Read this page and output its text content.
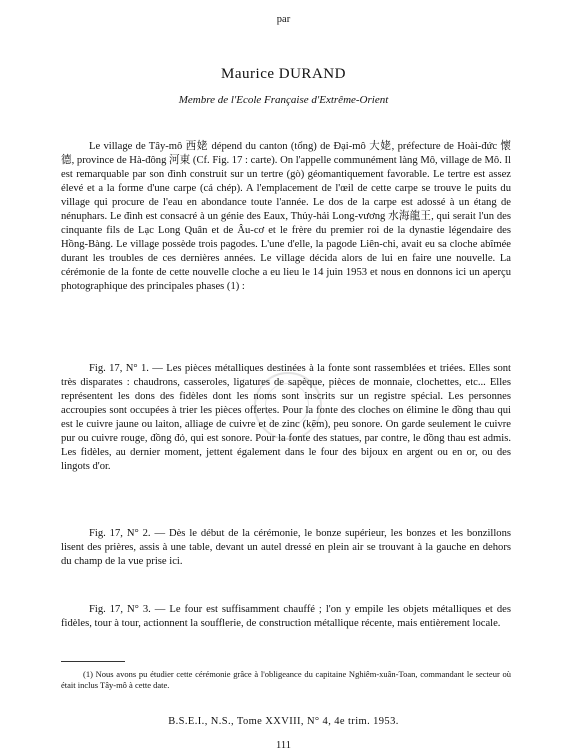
par
Maurice DURAND
Membre de l'Ecole Française d'Extrême-Orient
Le village de Tây-mô 西姥 dépend du canton (tổng) de Đại-mô 大姥, préfecture de Hoài-đức 懷德, province de Hà-đông 河東 (Cf. Fig. 17 : carte). On l'appelle communément làng Mô, village de Mô. Il est remarquable par son đình construit sur un tertre (gò) géomantiquement favorable. Le tertre est assez élevé et a la forme d'une carpe (cá chép). A l'emplacement de l'œil de cette carpe se trouve le puits du village qui procure de l'eau en abondance toute l'année. Le dos de la carpe est adossé à un étang de nénuphars. Le đình est consacré à un génie des Eaux, Thủy-hải Long-vương 水海龍王, qui serait l'un des cinquante fils de Lạc Long Quân et de Âu-cơ et le frère du premier roi de la dynastie légendaire des Hồng-Bàng. Le village possède trois pagodes. L'une d'elle, la pagode Liên-chi, avait eu sa cloche abîmée durant les troubles de ces dernières années. Le village décida alors de lui en faire une nouvelle. La cérémonie de la fonte de cette nouvelle cloche a eu lieu le 14 juin 1953 et nous en donnons ici un aperçu photographique des principales phases (1) :
Fig. 17, N° 1. — Les pièces métalliques destinées à la fonte sont rassemblées et triées. Elles sont très disparates : chaudrons, casseroles, ligatures de sapèque, pièces de monnaie, clochettes, etc... Elles représentent les dons des fidèles dont les noms sont inscrits sur un registre spécial. Les personnes accroupies sont occupées à trier les pièces offertes. Pour la fonte des cloches on élimine le đồng thau qui est le cuivre jaune ou laiton, alliage de cuivre et de zinc (kẽm), peu sonore. On garde seulement le cuivre pur ou cuivre rouge, đồng đỏ, qui est sonore. Pour la fonte des statues, par contre, le đồng thau est admis. Les fidèles, au dernier moment, jettent également dans le four des bijoux en argent ou en or, ou des lingots d'or.
Fig. 17, N° 2. — Dès le début de la cérémonie, le bonze supérieur, les bonzes et les bonzillons lisent des prières, assis à une table, devant un autel dressé en plein air se trouvant à la gauche en dehors du champ de la vue prise ici.
Fig. 17, N° 3. — Le four est suffisamment chauffé ; l'on y empile les objets métalliques et des fidèles, tour à tour, actionnent la soufflerie, de construction métallique récente, mais entièrement locale.
(1) Nous avons pu étudier cette cérémonie grâce à l'obligeance du capitaine Nghiêm-xuân-Toan, commandant le secteur où était inclus Tây-mô à cette date.
B.S.E.I., N.S., Tome XXVIII, N° 4, 4e trim. 1953.
111
